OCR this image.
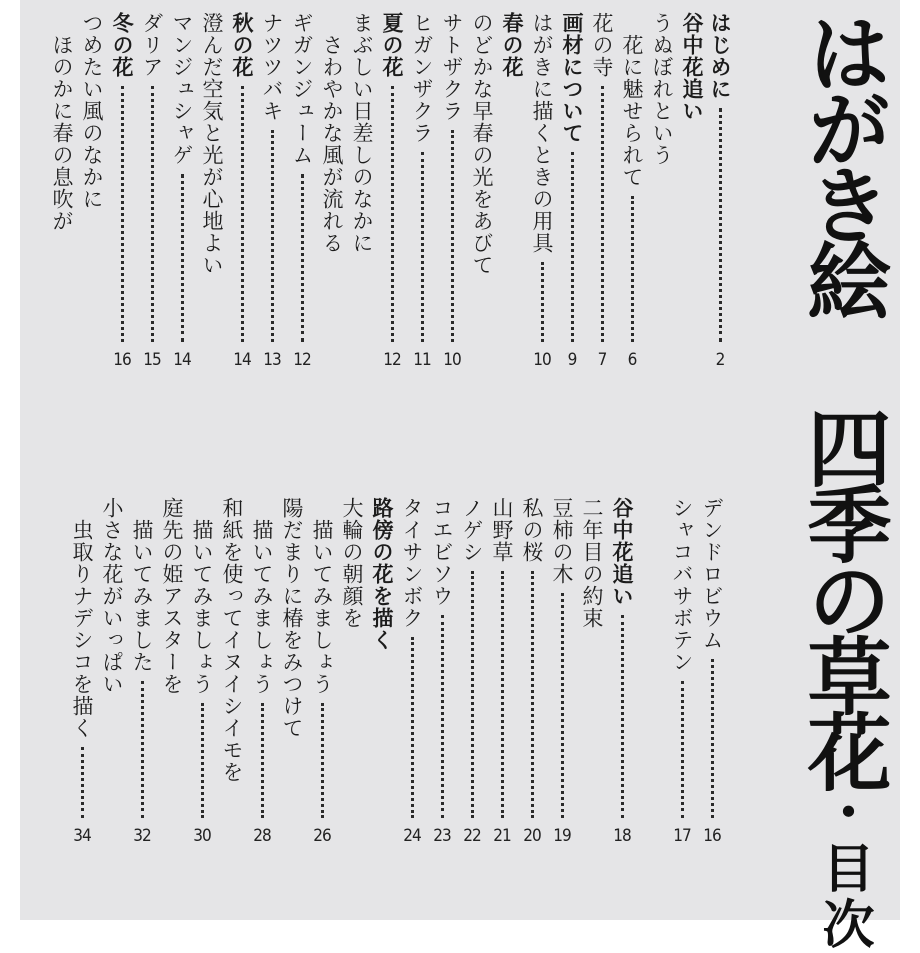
はがき絵 四季の草花・目次
はじめに
2
谷中花追い
うぬぼれという
花に魅せられて
6
花の寺
7
画材について
9
はがきに描くときの用具
10
春の花
のどかな早春の光をあびて
サトザクラ
10
ヒガンザクラ
11
夏の花
12
まぶしい日差しのなかに
さわやかな風が流れる
ギガンジューム
12
ナツツバキ
13
秋の花
14
澄んだ空気と光が心地よい
マンジュシャゲ
14
ダリア
15
冬の花
16
つめたい風のなかに
ほのかに春の息吹が
デンドロビウム
16
シャコバサボテン
17
谷中花追い
18
二年目の約束
豆柿の木
19
私の桜
20
山野草
21
ノゲシ
22
コエビソウ
23
タイサンボク
24
路傍の花を描く
大輪の朝顔を
描いてみましょう
26
陽だまりに椿をみつけて
描いてみましょう
28
和紙を使ってイヌイシイモを
描いてみましょう
30
庭先の姫アスターを
描いてみました
32
小さな花がいっぱい
虫取りナデシコを描く
34
